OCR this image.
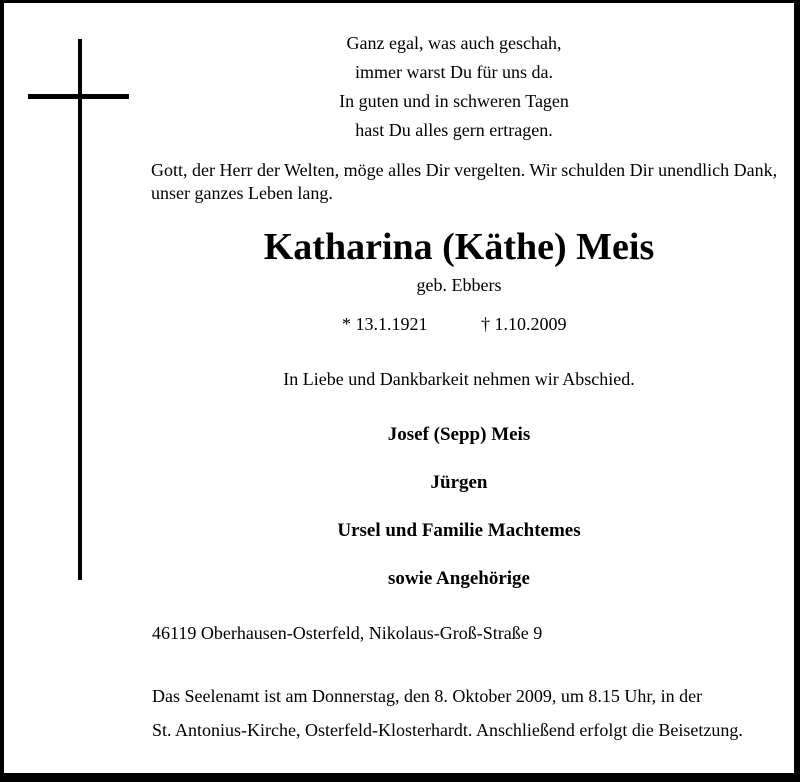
Ganz egal, was auch geschah,
immer warst Du für uns da.
In guten und in schweren Tagen
hast Du alles gern ertragen.
Gott, der Herr der Welten, möge alles Dir vergelten. Wir schulden Dir unendlich Dank, unser ganzes Leben lang.
Katharina (Käthe) Meis
geb. Ebbers
* 13.1.1921	† 1.10.2009
In Liebe und Dankbarkeit nehmen wir Abschied.
Josef (Sepp) Meis
Jürgen
Ursel und Familie Machtemes
sowie Angehörige
46119 Oberhausen-Osterfeld, Nikolaus-Groß-Straße 9
Das Seelenamt ist am Donnerstag, den 8. Oktober 2009, um 8.15 Uhr, in der
St. Antonius-Kirche, Osterfeld-Klosterhardt. Anschließend erfolgt die Beisetzung.
